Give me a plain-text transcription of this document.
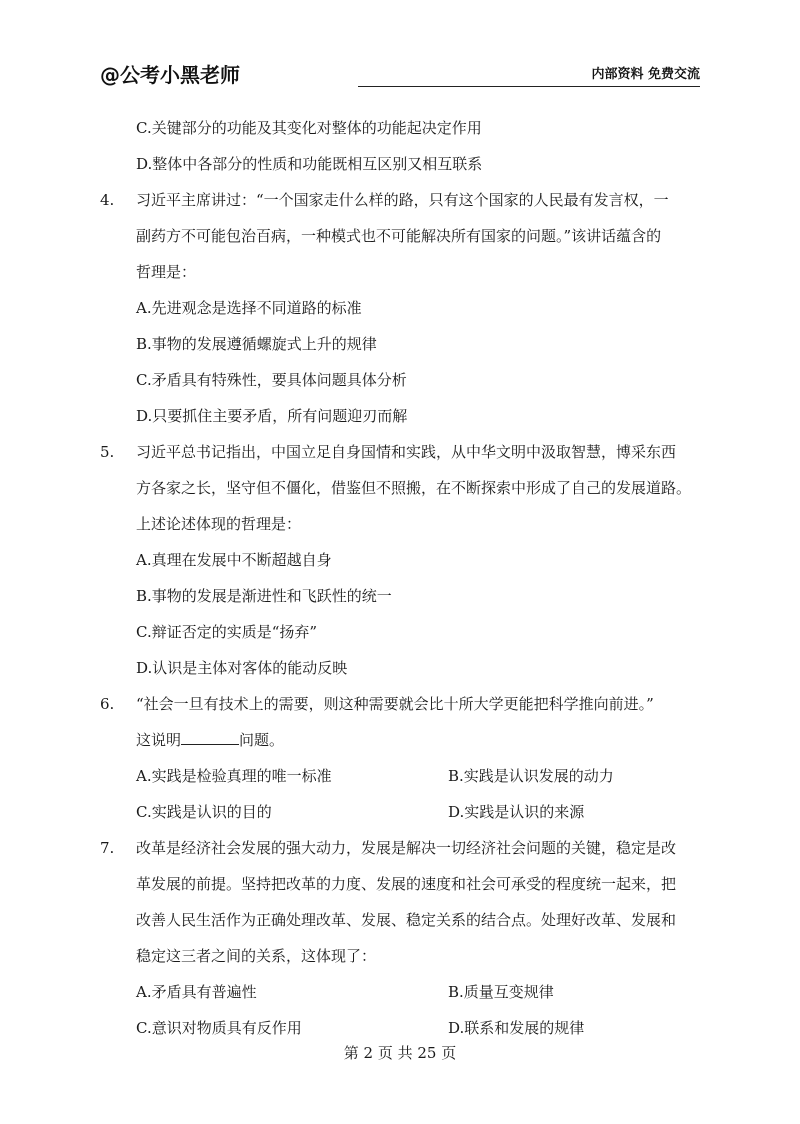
@公考小黑老师	内部资料 免费交流
C.关键部分的功能及其变化对整体的功能起决定作用
D.整体中各部分的性质和功能既相互区别又相互联系
4. 习近平主席讲过：“一个国家走什么样的路，只有这个国家的人民最有发言权，一
副药方不可能包治百病，一种模式也不可能解决所有国家的问题。”该讲话蕴含的
哲理是：
A.先进观念是选择不同道路的标准
B.事物的发展遵循螺旋式上升的规律
C.矛盾具有特殊性，要具体问题具体分析
D.只要抓住主要矛盾，所有问题迎刃而解
5. 习近平总书记指出，中国立足自身国情和实践，从中华文明中汲取智慧，博采东西
方各家之长，坚守但不僵化，借鉴但不照搬，在不断探索中形成了自己的发展道路。
上述论述体现的哲理是：
A.真理在发展中不断超越自身
B.事物的发展是渐进性和飞跃性的统一
C.辩证否定的实质是“扬弃”
D.认识是主体对客体的能动反映
6. “社会一旦有技术上的需要，则这种需要就会比十所大学更能把科学推向前进。”
这说明	问题。
A.实践是检验真理的唯一标准	B.实践是认识发展的动力
C.实践是认识的目的	D.实践是认识的来源
7. 改革是经济社会发展的强大动力，发展是解决一切经济社会问题的关键，稳定是改
革发展的前提。坚持把改革的力度、发展的速度和社会可承受的程度统一起来，把
改善人民生活作为正确处理改革、发展、稳定关系的结合点。处理好改革、发展和
稳定这三者之间的关系，这体现了：
A.矛盾具有普遍性	B.质量互变规律
C.意识对物质具有反作用	D.联系和发展的规律
第 2 页 共 25 页
